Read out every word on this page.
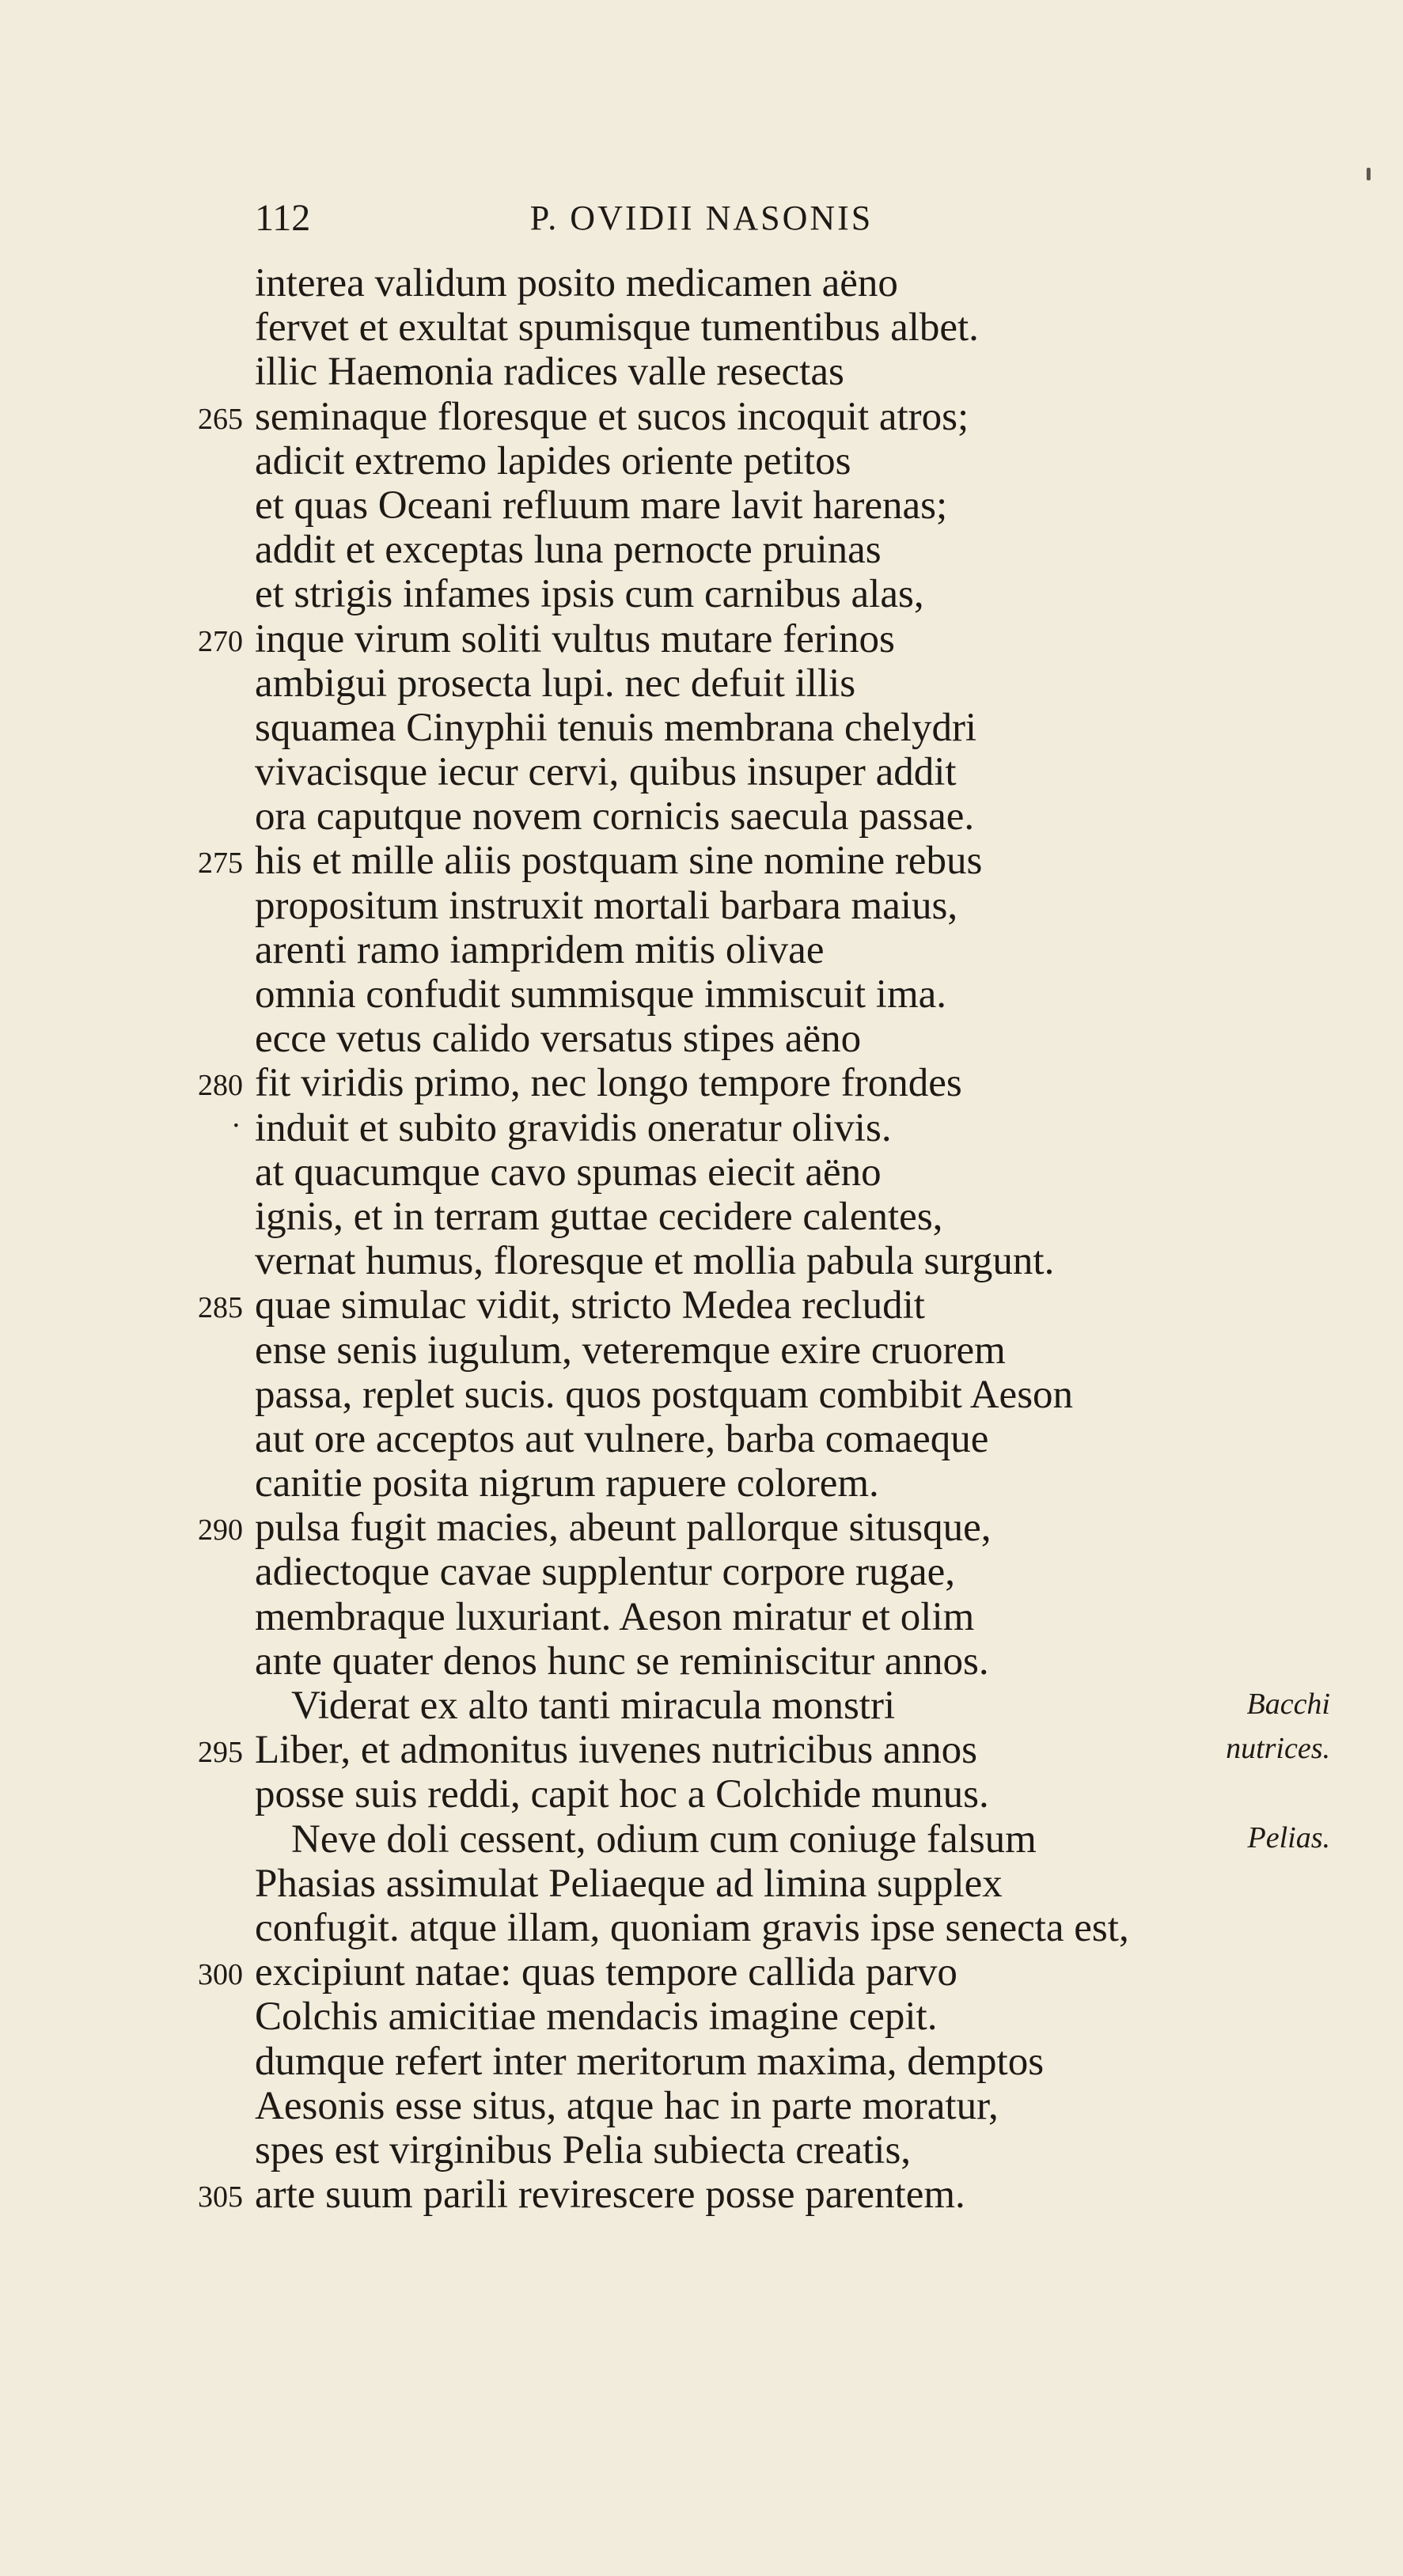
112	P. OVIDII NASONIS
interea validum posito medicamen aëno
fervet et exultat spumisque tumentibus albet.
illic Haemonia radices valle resectas
265 seminaque floresque et sucos incoquit atros;
adicit extremo lapides oriente petitos
et quas Oceani refluum mare lavit harenas;
addit et exceptas luna pernocte pruinas
et strigis infames ipsis cum carnibus alas,
270 inque virum soliti vultus mutare ferinos
ambigui prosecta lupi. nec defuit illis
squamea Cinyphii tenuis membrana chelydri
vivacisque iecur cervi, quibus insuper addit
ora caputque novem cornicis saecula passae.
275 his et mille aliis postquam sine nomine rebus
propositum instruxit mortali barbara maius,
arenti ramo iampridem mitis olivae
omnia confudit summisque immiscuit ima.
ecce vetus calido versatus stipes aëno
280 fit viridis primo, nec longo tempore frondes
· induit et subito gravidis oneratur olivis.
at quacumque cavo spumas eiecit aëno
ignis, et in terram guttae cecidere calentes,
vernat humus, floresque et mollia pabula surgunt.
285 quae simulac vidit, stricto Medea recludit
ense senis iugulum, veteremque exire cruorem
passa, replet sucis. quos postquam combibit Aeson
aut ore acceptos aut vulnere, barba comaeque
canitie posita nigrum rapuere colorem.
290 pulsa fugit macies, abeunt pallorque situsque,
adiectoque cavae supplentur corpore rugae,
membraque luxuriant. Aeson miratur et olim
ante quater denos hunc se reminiscitur annos.
Viderat ex alto tanti miracula monstri	Bacchi
295 Liber, et admonitus iuvenes nutricibus annos	nutrices.
posse suis reddi, capit hoc a Colchide munus.
Neve doli cessent, odium cum coniuge falsum	Pelias.
Phasias assimulat Peliaeque ad limina supplex
confugit. atque illam, quoniam gravis ipse senecta est,
300 excipiunt natae: quas tempore callida parvo
Colchis amicitiae mendacis imagine cepit.
dumque refert inter meritorum maxima, demptos
Aesonis esse situs, atque hac in parte moratur,
spes est virginibus Pelia subiecta creatis,
305 arte suum parili revirescere posse parentem.
